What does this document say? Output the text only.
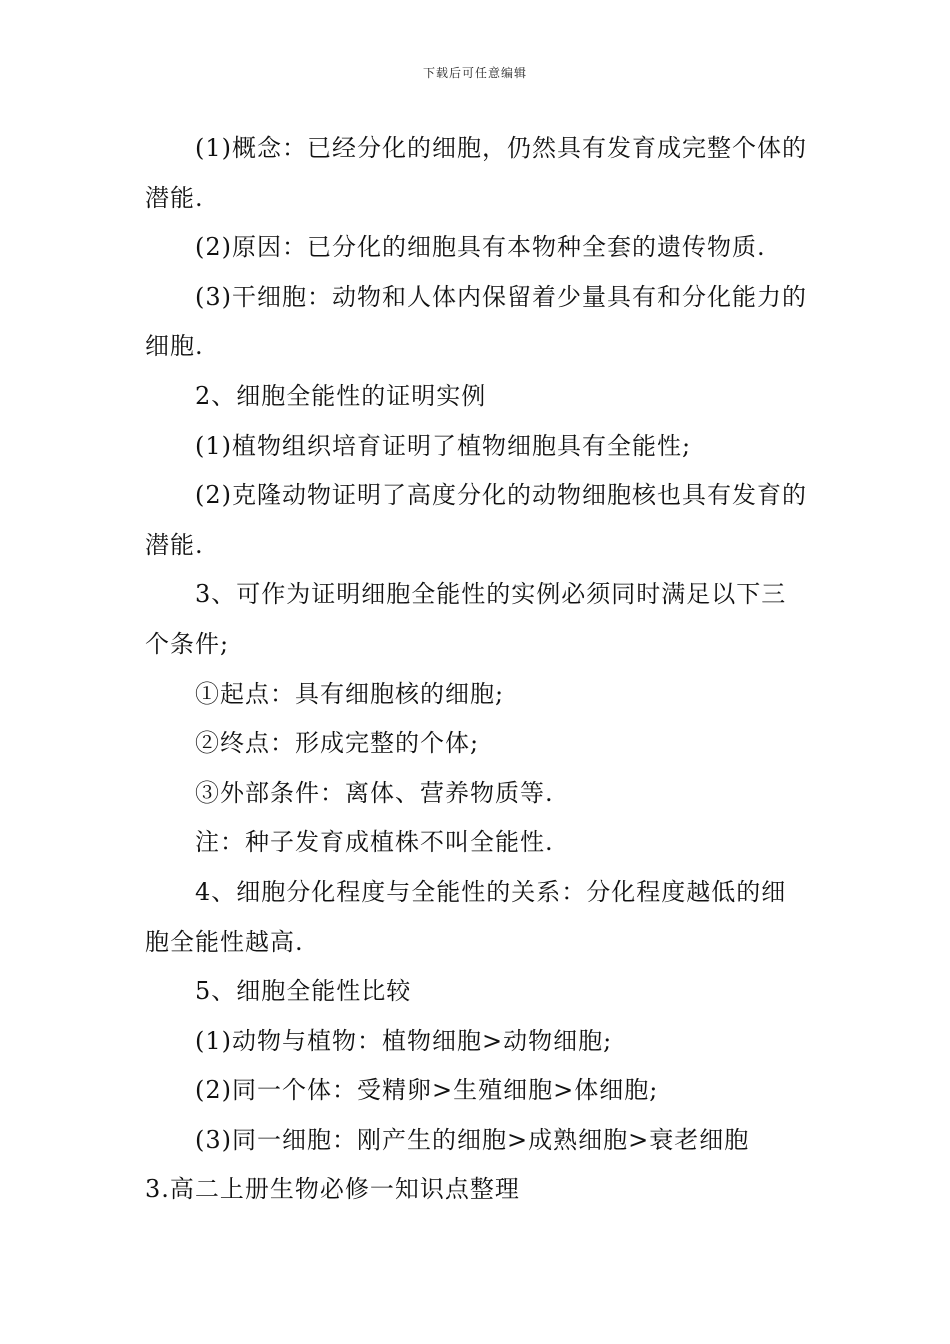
下载后可任意编辑

(1)概念：已经分化的细胞，仍然具有发育成完整个体的潜能.

(2)原因：已分化的细胞具有本物种全套的遗传物质.

(3)干细胞：动物和人体内保留着少量具有和分化能力的细胞.

2、细胞全能性的证明实例

(1)植物组织培育证明了植物细胞具有全能性;

(2)克隆动物证明了高度分化的动物细胞核也具有发育的潜能.

3、可作为证明细胞全能性的实例必须同时满足以下三个条件;

①起点：具有细胞核的细胞;

②终点：形成完整的个体;

③外部条件：离体、营养物质等.

注：种子发育成植株不叫全能性.

4、细胞分化程度与全能性的关系：分化程度越低的细胞全能性越高.

5、细胞全能性比较

(1)动物与植物：植物细胞>动物细胞;

(2)同一个体：受精卵>生殖细胞>体细胞;

(3)同一细胞：刚产生的细胞>成熟细胞>衰老细胞

3.高二上册生物必修一知识点整理
